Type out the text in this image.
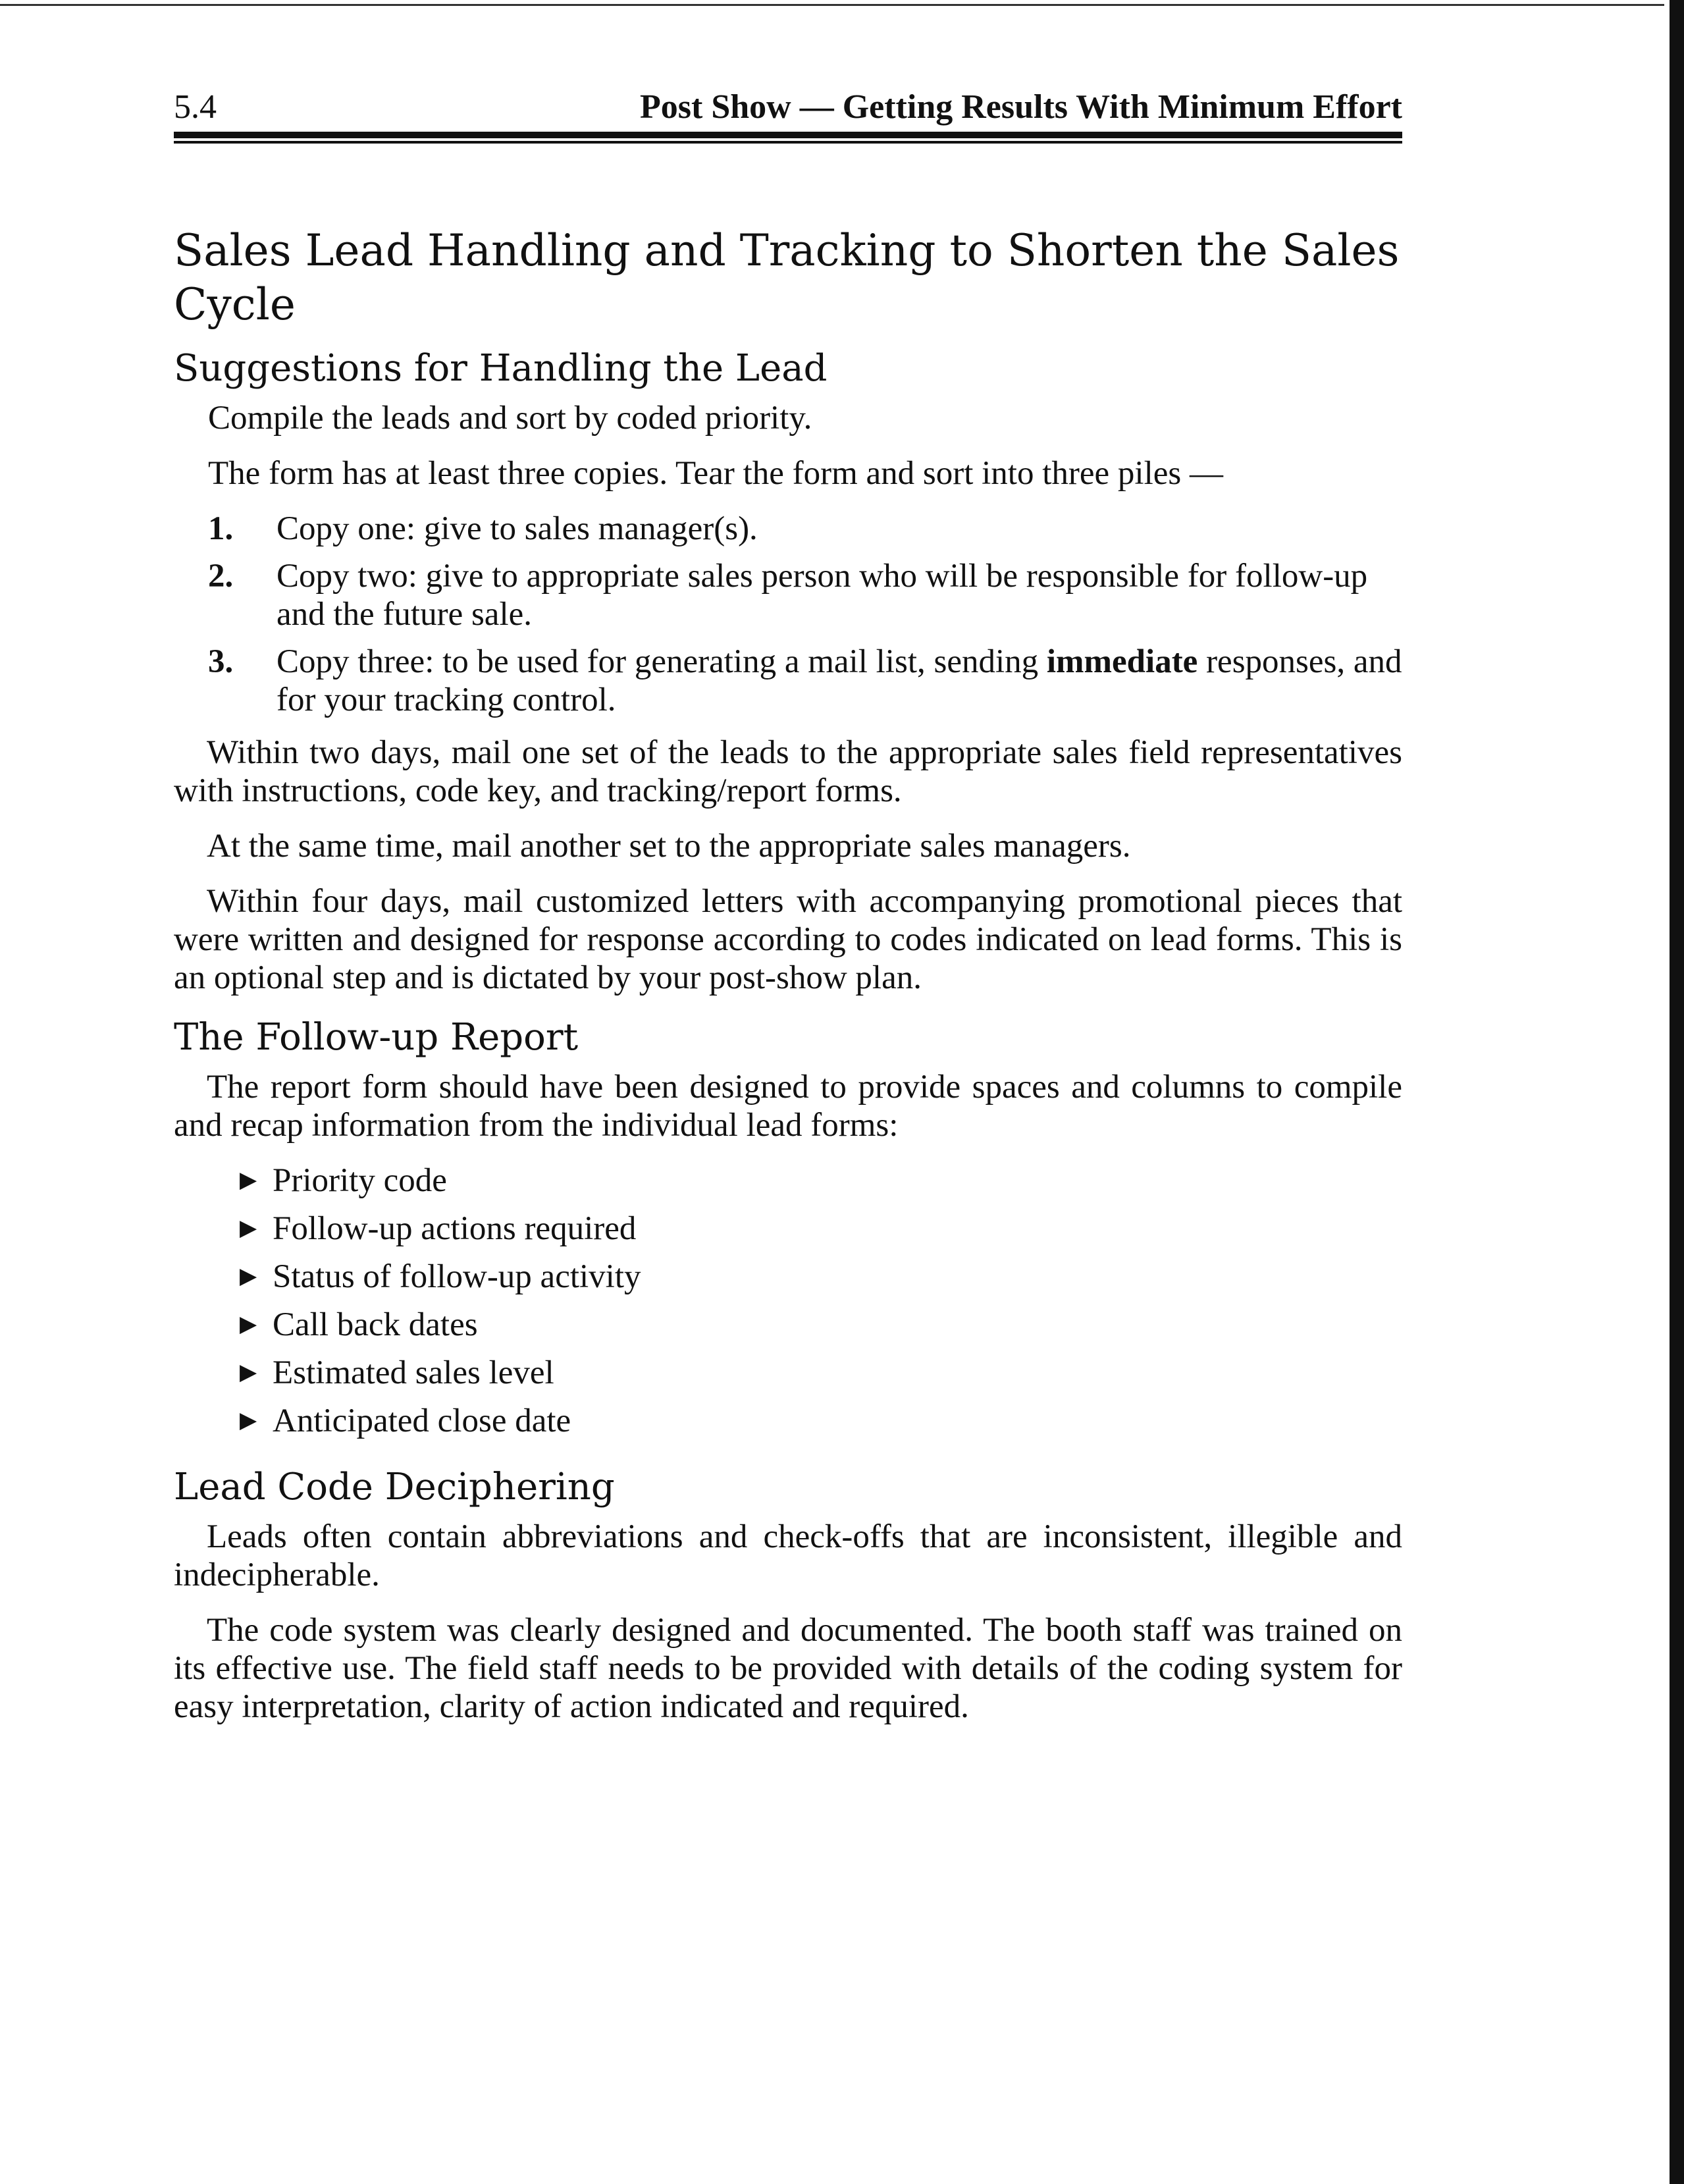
5.4	Post Show — Getting Results With Minimum Effort
Sales Lead Handling and Tracking to Shorten the Sales Cycle
Suggestions for Handling the Lead

Compile the leads and sort by coded priority.

The form has at least three copies. Tear the form and sort into three piles —

1. Copy one: give to sales manager(s).
2. Copy two: give to appropriate sales person who will be responsible for follow-up and the future sale.
3. Copy three: to be used for generating a mail list, sending immediate responses, and for your tracking control.

Within two days, mail one set of the leads to the appropriate sales field representatives with instructions, code key, and tracking/report forms.

At the same time, mail another set to the appropriate sales managers.

Within four days, mail customized letters with accompanying promotional pieces that were written and designed for response according to codes indicated on lead forms. This is an optional step and is dictated by your post-show plan.

The Follow-up Report

The report form should have been designed to provide spaces and columns to compile and recap information from the individual lead forms:

▶ Priority code
▶ Follow-up actions required
▶ Status of follow-up activity
▶ Call back dates
▶ Estimated sales level
▶ Anticipated close date
Lead Code Deciphering

Leads often contain abbreviations and check-offs that are inconsistent, illegible and indecipherable.

The code system was clearly designed and documented. The booth staff was trained on its effective use. The field staff needs to be provided with details of the coding system for easy interpretation, clarity of action indicated and required.
